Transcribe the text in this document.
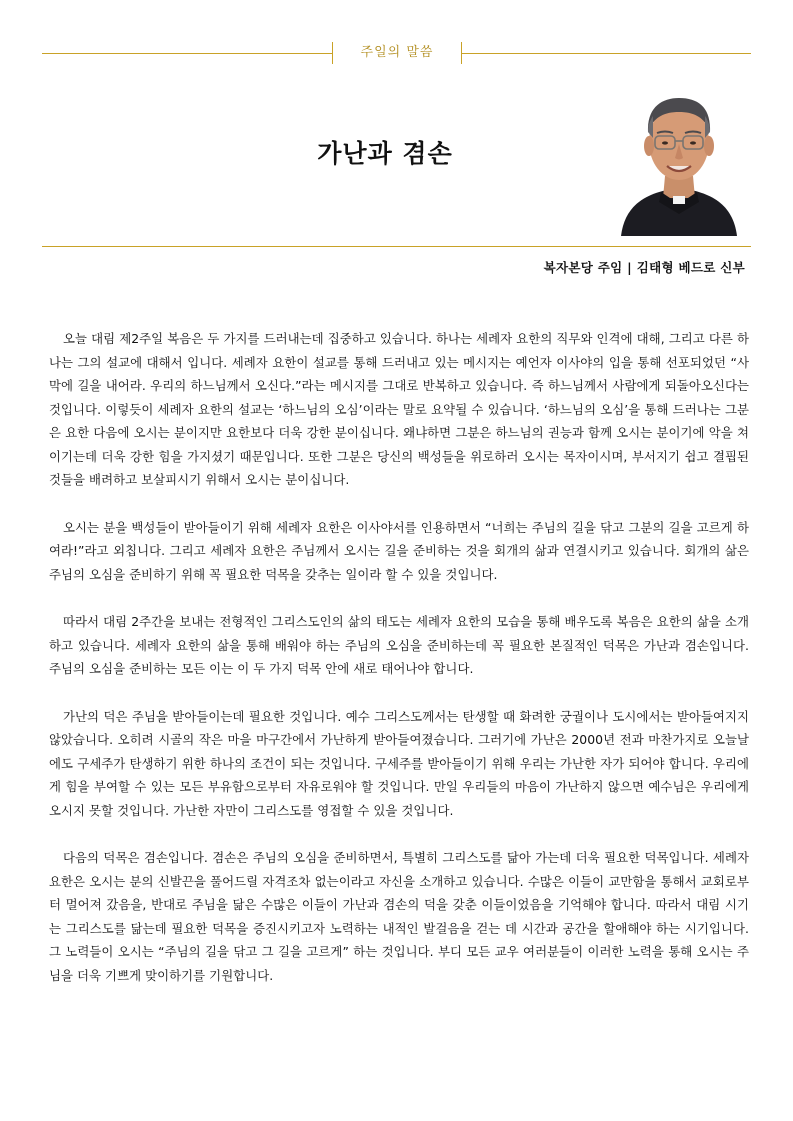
주일의 말씀
가난과 겸손
복자본당 주임 | 김태형 베드로 신부

오늘 대림 제2주일 복음은 두 가지를 드러내는데 집중하고 있습니다. 하나는 세례자 요한의 직무와 인격에 대해, 그리고 다른 하나는 그의 설교에 대해서 입니다. 세례자 요한이 설교를 통해 드러내고 있는 메시지는 예언자 이사야의 입을 통해 선포되었던 “사막에 길을 내어라. 우리의 하느님께서 오신다.”라는 메시지를 그대로 반복하고 있습니다. 즉 하느님께서 사람에게 되돌아오신다는 것입니다. 이렇듯이 세례자 요한의 설교는 ‘하느님의 오심’이라는 말로 요약될 수 있습니다. ‘하느님의 오심’을 통해 드러나는 그분은 요한 다음에 오시는 분이지만 요한보다 더욱 강한 분이십니다. 왜냐하면 그분은 하느님의 권능과 함께 오시는 분이기에 악을 쳐 이기는데 더욱 강한 힘을 가지셨기 때문입니다. 또한 그분은 당신의 백성들을 위로하러 오시는 목자이시며, 부서지기 쉽고 결핍된 것들을 배려하고 보살피시기 위해서 오시는 분이십니다.

오시는 분을 백성들이 받아들이기 위해 세례자 요한은 이사야서를 인용하면서 “너희는 주님의 길을 닦고 그분의 길을 고르게 하여라!”라고 외칩니다. 그리고 세례자 요한은 주님께서 오시는 길을 준비하는 것을 회개의 삶과 연결시키고 있습니다. 회개의 삶은 주님의 오심을 준비하기 위해 꼭 필요한 덕목을 갖추는 일이라 할 수 있을 것입니다.

따라서 대림 2주간을 보내는 전형적인 그리스도인의 삶의 태도는 세례자 요한의 모습을 통해 배우도록 복음은 요한의 삶을 소개하고 있습니다. 세례자 요한의 삶을 통해 배워야 하는 주님의 오심을 준비하는데 꼭 필요한 본질적인 덕목은 가난과 겸손입니다. 주님의 오심을 준비하는 모든 이는 이 두 가지 덕목 안에 새로 태어나야 합니다.

가난의 덕은 주님을 받아들이는데 필요한 것입니다. 예수 그리스도께서는 탄생할 때 화려한 궁궐이나 도시에서는 받아들여지지 않았습니다. 오히려 시골의 작은 마을 마구간에서 가난하게 받아들여졌습니다. 그러기에 가난은 2000년 전과 마찬가지로 오늘날에도 구세주가 탄생하기 위한 하나의 조건이 되는 것입니다. 구세주를 받아들이기 위해 우리는 가난한 자가 되어야 합니다. 우리에게 힘을 부여할 수 있는 모든 부유함으로부터 자유로워야 할 것입니다. 만일 우리들의 마음이 가난하지 않으면 예수님은 우리에게 오시지 못할 것입니다. 가난한 자만이 그리스도를 영접할 수 있을 것입니다.

다음의 덕목은 겸손입니다. 겸손은 주님의 오심을 준비하면서, 특별히 그리스도를 닮아 가는데 더욱 필요한 덕목입니다. 세례자 요한은 오시는 분의 신발끈을 풀어드릴 자격조차 없는이라고 자신을 소개하고 있습니다. 수많은 이들이 교만함을 통해서 교회로부터 멀어져 갔음을, 반대로 주님을 닮은 수많은 이들이 가난과 겸손의 덕을 갖춘 이들이었음을 기억해야 합니다. 따라서 대림 시기는 그리스도를 닮는데 필요한 덕목을 증진시키고자 노력하는 내적인 발걸음을 걷는 데 시간과 공간을 할애해야 하는 시기입니다. 그 노력들이 오시는 “주님의 길을 닦고 그 길을 고르게” 하는 것입니다. 부디 모든 교우 여러분들이 이러한 노력을 통해 오시는 주님을 더욱 기쁘게 맞이하기를 기원합니다.
